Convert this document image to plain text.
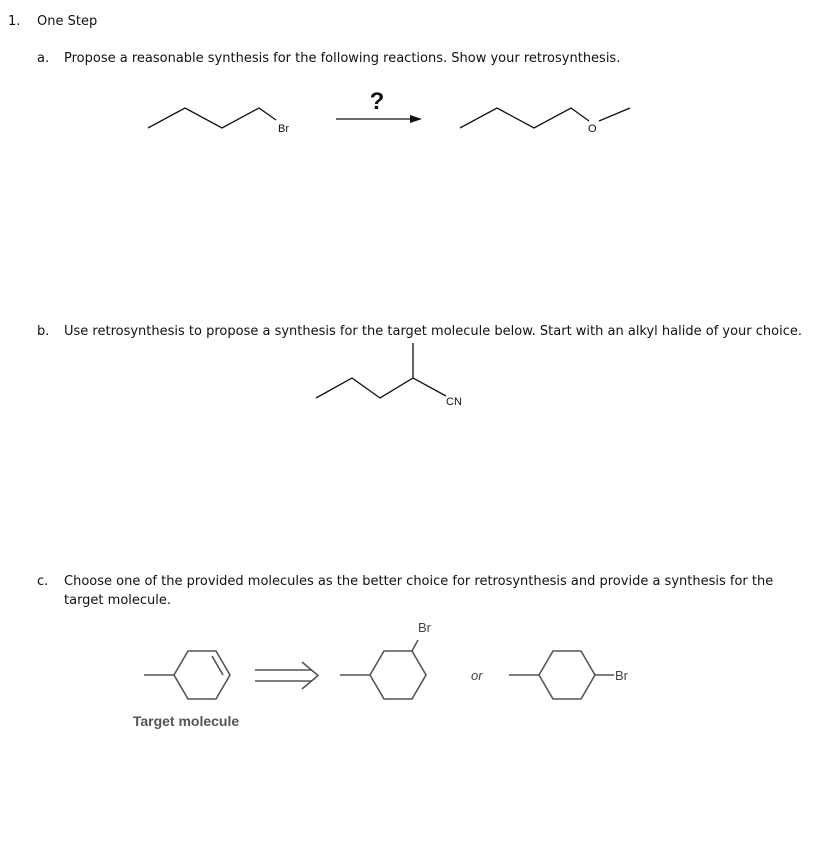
1. One Step
a. Propose a reasonable synthesis for the following reactions. Show your retrosynthesis.
Br
?
O
CN
Br
or	Br
Target molecule
b. Use retrosynthesis to propose a synthesis for the target molecule below. Start with an alkyl halide of your choice.
c. Choose one of the provided molecules as the better choice for retrosynthesis and provide a synthesis for the target molecule.
